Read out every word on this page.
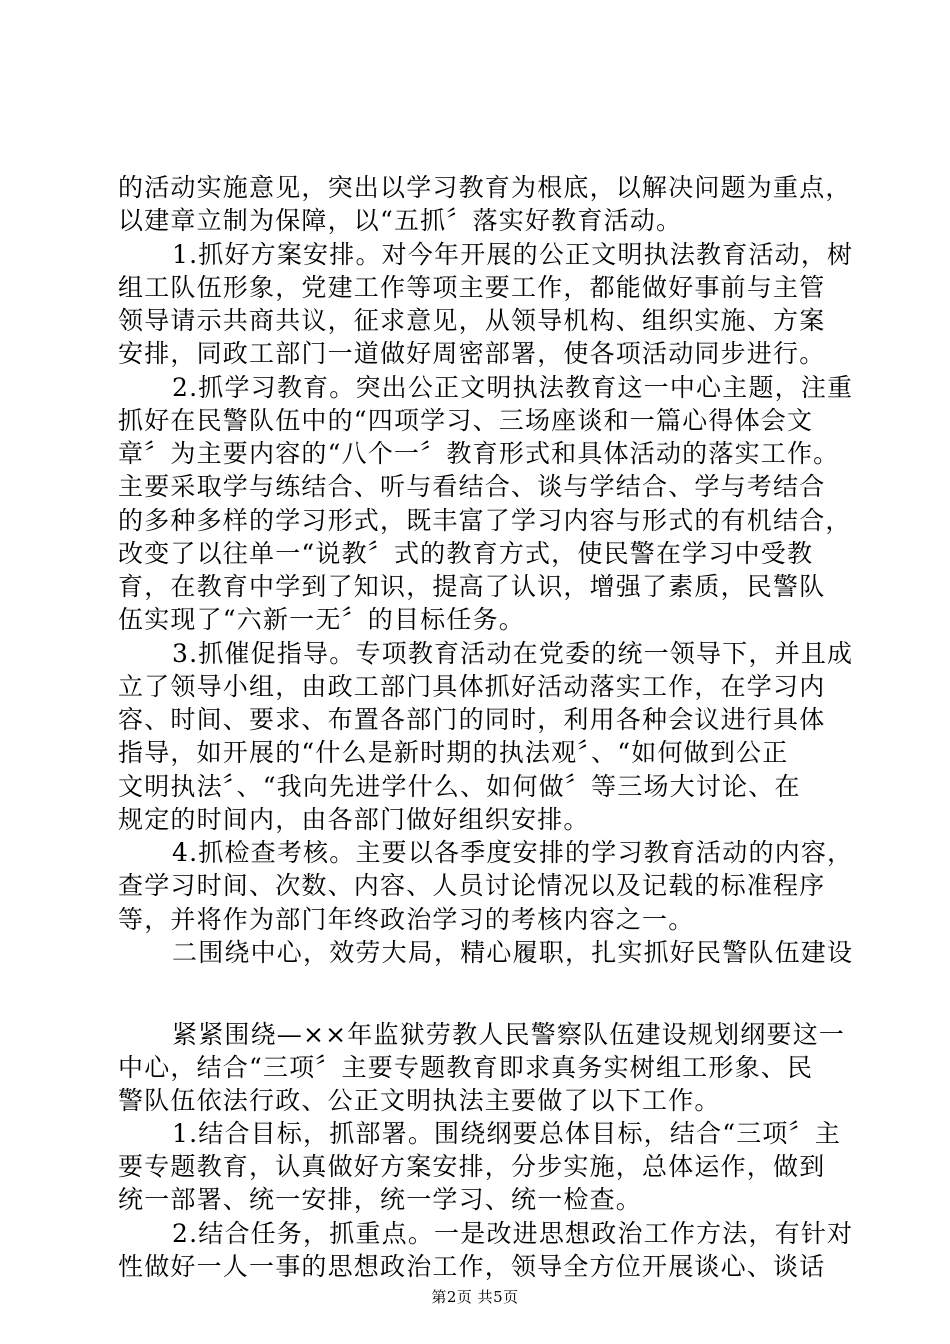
的活动实施意见，突出以学习教育为根底，以解决问题为重点，
以建章立制为保障，以“五抓〞落实好教育活动。
1.抓好方案安排。对今年开展的公正文明执法教育活动，树
组工队伍形象，党建工作等项主要工作，都能做好事前与主管
领导请示共商共议，征求意见，从领导机构、组织实施、方案
安排，同政工部门一道做好周密部署，使各项活动同步进行。
2.抓学习教育。突出公正文明执法教育这一中心主题，注重
抓好在民警队伍中的“四项学习、三场座谈和一篇心得体会文
章〞为主要内容的“八个一〞教育形式和具体活动的落实工作。
主要采取学与练结合、听与看结合、谈与学结合、学与考结合
的多种多样的学习形式，既丰富了学习内容与形式的有机结合，
改变了以往单一“说教〞式的教育方式，使民警在学习中受教
育，在教育中学到了知识，提高了认识，增强了素质，民警队
伍实现了“六新一无〞的目标任务。
3.抓催促指导。专项教育活动在党委的统一领导下，并且成
立了领导小组，由政工部门具体抓好活动落实工作，在学习内
容、时间、要求、布置各部门的同时，利用各种会议进行具体
指导，如开展的“什么是新时期的执法观〞、“如何做到公正
文明执法〞、“我向先进学什么、如何做〞等三场大讨论、在
规定的时间内，由各部门做好组织安排。
4.抓检查考核。主要以各季度安排的学习教育活动的内容，
查学习时间、次数、内容、人员讨论情况以及记载的标准程序
等，并将作为部门年终政治学习的考核内容之一。
二围绕中心，效劳大局，精心履职，扎实抓好民警队伍建设
紧紧围绕—××年监狱劳教人民警察队伍建设规划纲要这一
中心，结合“三项〞主要专题教育即求真务实树组工形象、民
警队伍依法行政、公正文明执法主要做了以下工作。
1.结合目标，抓部署。围绕纲要总体目标，结合“三项〞主
要专题教育，认真做好方案安排，分步实施，总体运作，做到
统一部署、统一安排，统一学习、统一检查。
2.结合任务，抓重点。一是改进思想政治工作方法，有针对
性做好一人一事的思想政治工作，领导全方位开展谈心、谈话
第2页 共5页
